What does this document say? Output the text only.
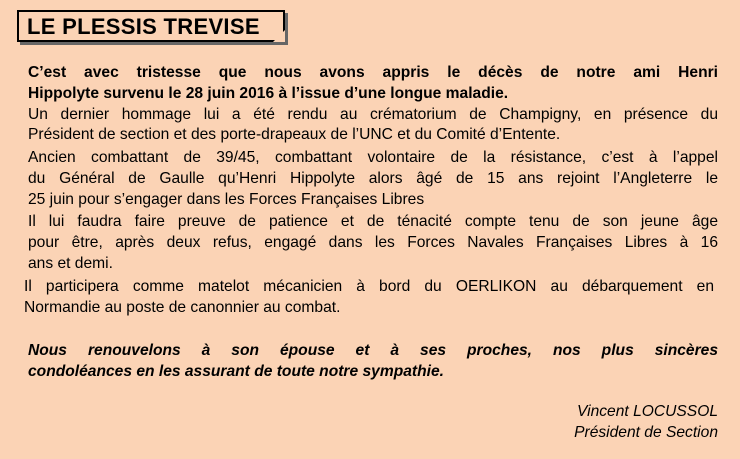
LE PLESSIS TREVISE
C’est avec tristesse que nous avons appris le décès de notre ami Henri
Hippolyte survenu le 28 juin 2016 à l’issue d’une longue maladie.
Un dernier hommage lui a été rendu au crématorium de Champigny, en présence du
Président de section et des porte-drapeaux de l’UNC et du Comité d’Entente.
Ancien combattant de 39/45, combattant volontaire de la résistance, c’est à l’appel
du Général de Gaulle qu’Henri Hippolyte alors âgé de 15 ans rejoint l’Angleterre le
25 juin pour s’engager dans les Forces Françaises Libres
Il lui faudra faire preuve de patience et de ténacité compte tenu de son jeune âge
pour être, après deux refus, engagé dans les Forces Navales Françaises Libres à 16
ans et demi.
Il participera comme matelot mécanicien à bord du OERLIKON au débarquement en
Normandie au poste de canonnier au combat.
Nous renouvelons à son épouse et à ses proches, nos plus sincères
condoléances en les assurant de toute notre sympathie.
Vincent LOCUSSOL
Président de Section
